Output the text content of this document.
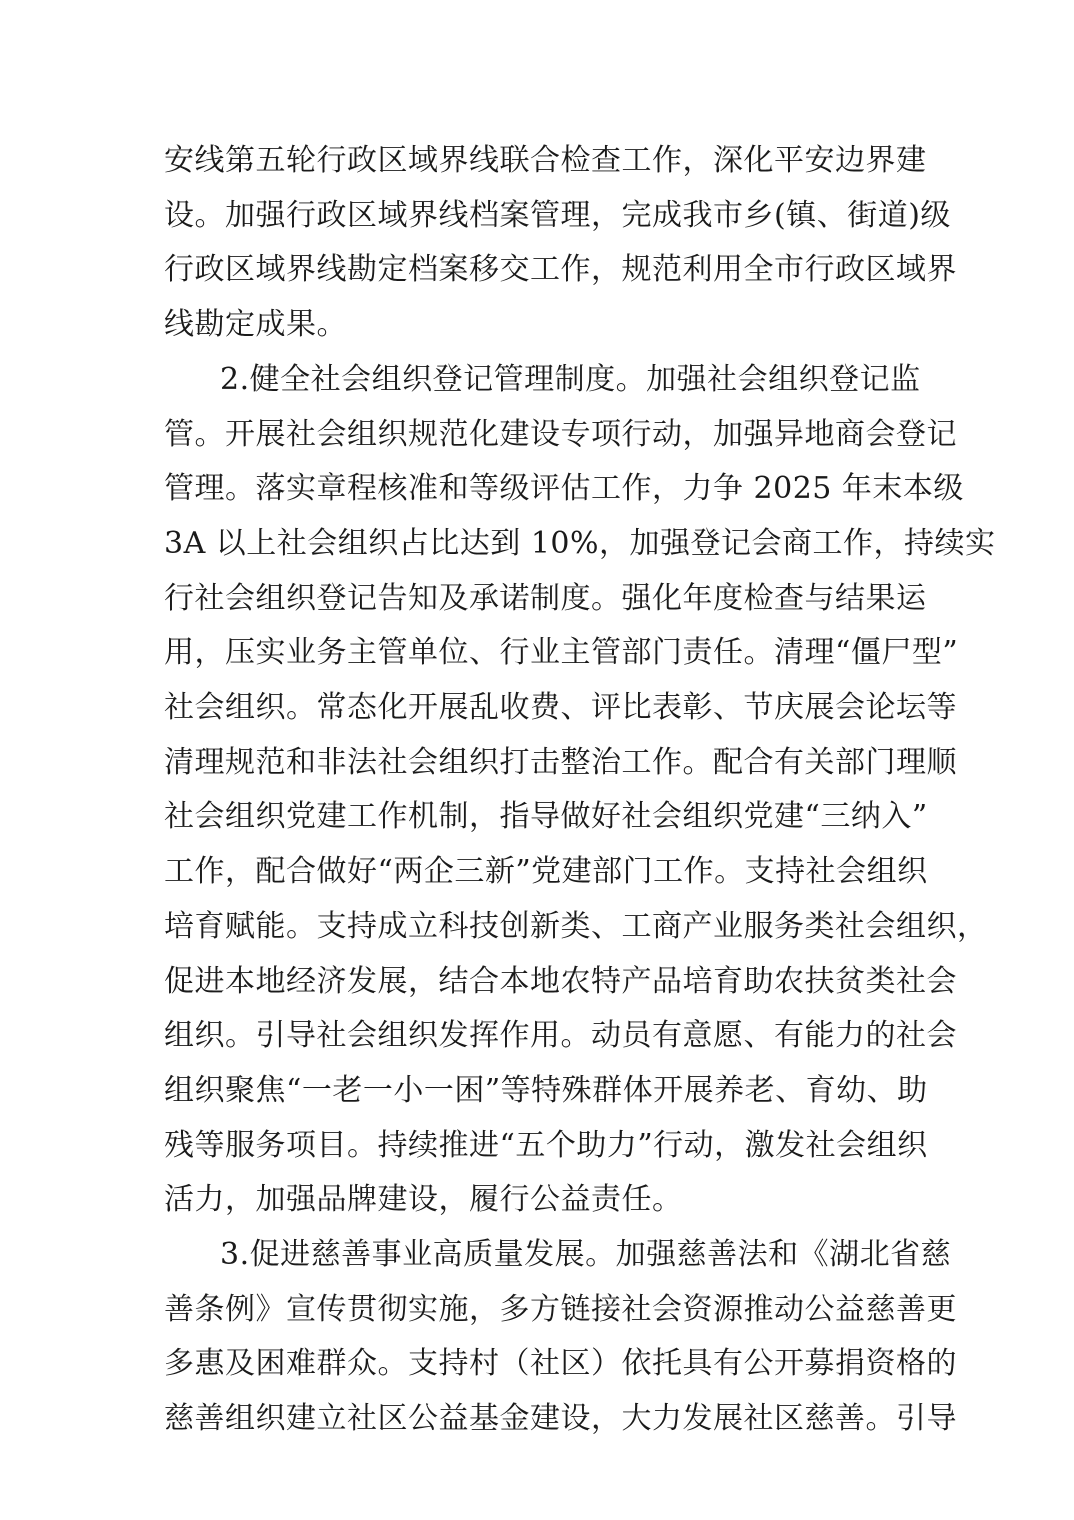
安线第五轮行政区域界线联合检查工作，深化平安边界建
设。加强行政区域界线档案管理，完成我市乡(镇、街道)级
行政区域界线勘定档案移交工作，规范利用全市行政区域界
线勘定成果。

2.健全社会组织登记管理制度。加强社会组织登记监
管。开展社会组织规范化建设专项行动，加强异地商会登记
管理。落实章程核准和等级评估工作，力争 2025 年末本级
3A 以上社会组织占比达到 10%，加强登记会商工作，持续实
行社会组织登记告知及承诺制度。强化年度检查与结果运
用，压实业务主管单位、行业主管部门责任。清理“僵尸型”
社会组织。常态化开展乱收费、评比表彰、节庆展会论坛等
清理规范和非法社会组织打击整治工作。配合有关部门理顺
社会组织党建工作机制，指导做好社会组织党建“三纳入”
工作，配合做好“两企三新”党建部门工作。支持社会组织
培育赋能。支持成立科技创新类、工商产业服务类社会组织，
促进本地经济发展，结合本地农特产品培育助农扶贫类社会
组织。引导社会组织发挥作用。动员有意愿、有能力的社会
组织聚焦“一老一小一困”等特殊群体开展养老、育幼、助
残等服务项目。持续推进“五个助力”行动，激发社会组织
活力，加强品牌建设，履行公益责任。

3.促进慈善事业高质量发展。加强慈善法和《湖北省慈
善条例》宣传贯彻实施，多方链接社会资源推动公益慈善更
多惠及困难群众。支持村（社区）依托具有公开募捐资格的
慈善组织建立社区公益基金建设，大力发展社区慈善。引导
